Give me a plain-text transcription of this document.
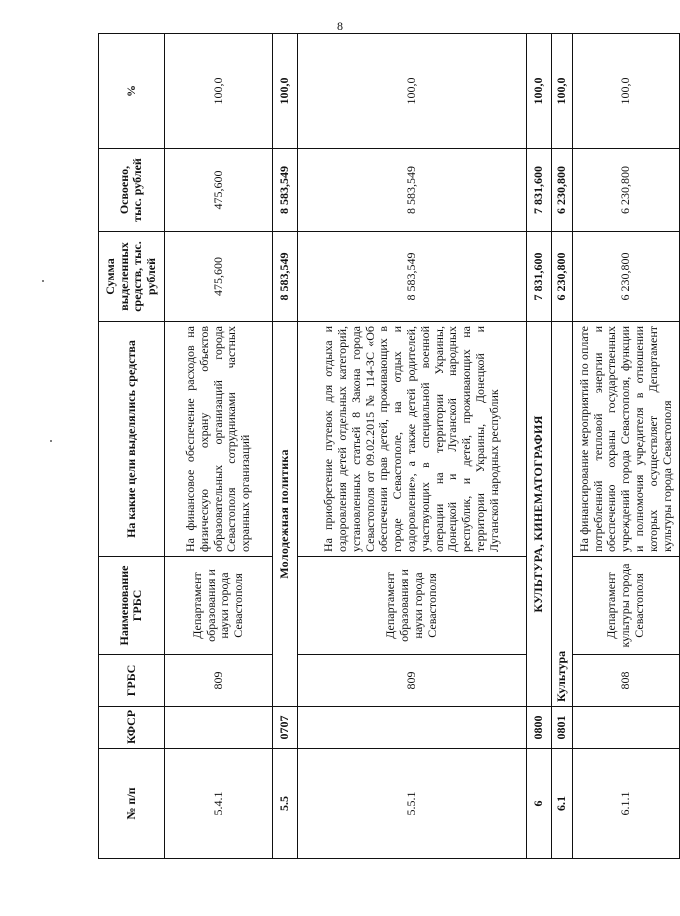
8
№ п/п	КФСР	ГРБС	Наименование ГРБС	На какие цели выделялись средства	Сумма выделенных средств, тыс. рублей	Освоено, тыс. рублей	%
5.4.1		809	Департамент образования и науки города Севастополя	На финансовое обеспечение расходов на физическую охрану объектов образовательных организаций города Севастополя сотрудниками частных охранных организаций	475,600	475,600	100,0
5.5	0707	Молодежная политика			8 583,549	8 583,549	100,0
5.5.1		809	Департамент образования и науки города Севастополя	На приобретение путевок для отдыха и оздоровления детей отдельных категорий, установленных статьей 8 Закона города Севастополя от 09.02.2015 № 114-ЗС «Об обеспечении прав детей, проживающих в городе Севастополе, на отдых и оздоровление», а также детей родителей, участвующих в специальной военной операции на территории Украины, Донецкой и Луганской народных республик, и детей, проживающих на территории Украины, Донецкой и Луганской народных республик	8 583,549	8 583,549	100,0
6	0800	КУЛЬТУРА, КИНЕМАТОГРАФИЯ			7 831,600	7 831,600	100,0
6.1	0801	Культура			6 230,800	6 230,800	100,0
6.1.1		808	Департамент культуры города Севастополя	На финансирование мероприятий по оплате потребленной тепловой энергии и обеспечению охраны государственных учреждений города Севастополя, функции и полномочия учредителя в отношении которых осуществляет Департамент культуры города Севастополя	6 230,800	6 230,800	100,0
